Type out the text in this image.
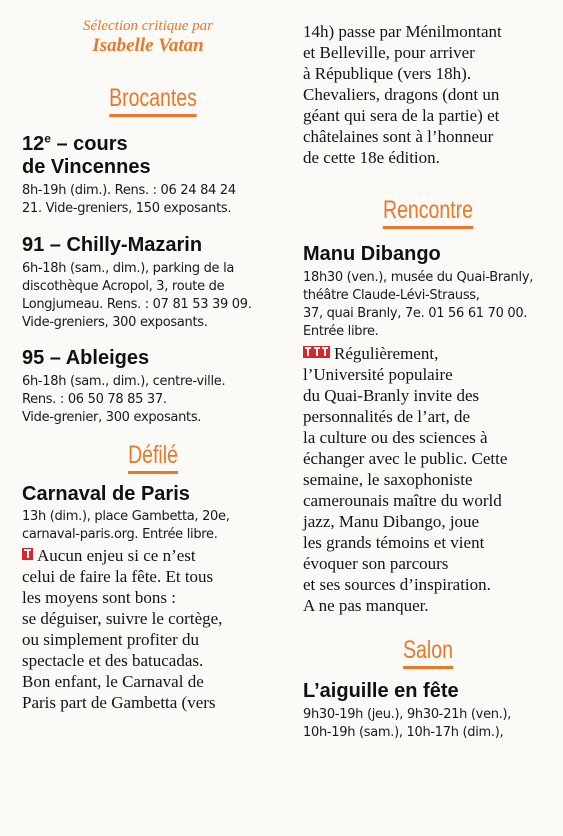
Sélection critique par
Isabelle Vatan
Brocantes
12e – cours
de Vincennes
8h-19h (dim.). Rens. : 06 24 84 24
21. Vide-greniers, 150 exposants.
91 – Chilly-Mazarin
6h-18h (sam., dim.), parking de la
discothèque Acropol, 3, route de
Longjumeau. Rens. : 07 81 53 39 09.
Vide-greniers, 300 exposants.
95 – Ableiges
6h-18h (sam., dim.), centre-ville.
Rens. : 06 50 78 85 37.
Vide-grenier, 300 exposants.
Défilé
Carnaval de Paris
13h (dim.), place Gambetta, 20e,
carnaval-paris.org. Entrée libre.
Aucun enjeu si ce n’est
celui de faire la fête. Et tous
les moyens sont bons :
se déguiser, suivre le cortège,
ou simplement profiter du
spectacle et des batucadas.
Bon enfant, le Carnaval de
Paris part de Gambetta (vers
14h) passe par Ménilmontant
et Belleville, pour arriver
à République (vers 18h).
Chevaliers, dragons (dont un
géant qui sera de la partie) et
châtelaines sont à l’honneur
de cette 18e édition.
Rencontre
Manu Dibango
18h30 (ven.), musée du Quai-Branly,
théâtre Claude-Lévi-Strauss,
37, quai Branly, 7e. 01 56 61 70 00.
Entrée libre.
Régulièrement,
l’Université populaire
du Quai-Branly invite des
personnalités de l’art, de
la culture ou des sciences à
échanger avec le public. Cette
semaine, le saxophoniste
camerounais maître du world
jazz, Manu Dibango, joue
les grands témoins et vient
évoquer son parcours
et ses sources d’inspiration.
A ne pas manquer.
Salon
L’aiguille en fête
9h30-19h (jeu.), 9h30-21h (ven.),
10h-19h (sam.), 10h-17h (dim.),
